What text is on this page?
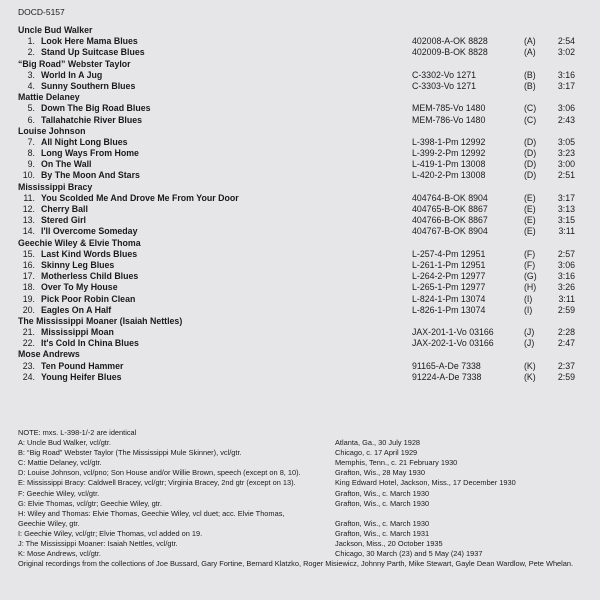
DOCD-5157
Uncle Bud Walker
1. Look Here Mama Blues	402008-A-OK 8828	(A)	2:54
2. Stand Up Suitcase Blues	402009-B-OK 8828	(A)	3:02
“Big Road” Webster Taylor
3. World In A Jug	C-3302-Vo 1271	(B)	3:16
4. Sunny Southern Blues	C-3303-Vo 1271	(B)	3:17
Mattie Delaney
5. Down The Big Road Blues	MEM-785-Vo 1480	(C)	3:06
6. Tallahatchie River Blues	MEM-786-Vo 1480	(C)	2:43
Louise Johnson
7. All Night Long Blues	L-398-1-Pm 12992	(D)	3:05
8. Long Ways From Home	L-399-2-Pm 12992	(D)	3:23
9. On The Wall	L-419-1-Pm 13008	(D)	3:00
10. By The Moon And Stars	L-420-2-Pm 13008	(D)	2:51
Mississippi Bracy
11. You Scolded Me And Drove Me From Your Door	404764-B-OK 8904	(E)	3:17
12. Cherry Ball	404765-B-OK 8867	(E)	3:13
13. Stered Girl	404766-B-OK 8867	(E)	3:15
14. I'll Overcome Someday	404767-B-OK 8904	(E)	3:11
Geechie Wiley & Elvie Thoma
15. Last Kind Words Blues	L-257-4-Pm 12951	(F)	2:57
16. Skinny Leg Blues	L-261-1-Pm 12951	(F)	3:06
17. Motherless Child Blues	L-264-2-Pm 12977	(G)	3:16
18. Over To My House	L-265-1-Pm 12977	(H)	3:26
19. Pick Poor Robin Clean	L-824-1-Pm 13074	(I)	3:11
20. Eagles On A Half	L-826-1-Pm 13074	(I)	2:59
The Mississippi Moaner (Isaiah Nettles)
21. Mississippi Moan	JAX-201-1-Vo 03166	(J)	2:28
22. It's Cold In China Blues	JAX-202-1-Vo 03166	(J)	2:47
Mose Andrews
23. Ten Pound Hammer	91165-A-De 7338	(K)	2:37
24. Young Heifer Blues	91224-A-De 7338	(K)	2:59
NOTE: mxs. L-398-1/-2 are identical
A: Uncle Bud Walker, vcl/gtr.	Atlanta, Ga., 30 July 1928
B: “Big Road” Webster Taylor (The Mississippi Mule Skinner), vcl/gtr.	Chicago, c. 17 April 1929
C: Mattie Delaney, vcl/gtr.	Memphis, Tenn., c. 21 February 1930
D: Louise Johnson, vcl/pno; Son House and/or Willie Brown, speech (except on 8, 10).	Grafton, Wis., 28 May 1930
E: Mississippi Bracy: Caldwell Bracey, vcl/gtr; Virginia Bracey, 2nd gtr (except on 13).	King Edward Hotel, Jackson, Miss., 17 December 1930
F: Geechie Wiley, vcl/gtr.	Grafton, Wis., c. March 1930
G: Elvie Thomas, vcl/gtr; Geechie Wiley, gtr.	Grafton, Wis., c. March 1930
H: Wiley and Thomas: Elvie Thomas, Geechie Wiley, vcl duet; acc. Elvie Thomas,
Geechie Wiley, gtr.	Grafton, Wis., c. March 1930
I: Geechie Wiley, vcl/gtr; Elvie Thomas, vcl added on 19.	Grafton, Wis., c. March 1931
J: The Mississippi Moaner: Isaiah Nettles, vcl/gtr.	Jackson, Miss., 20 October 1935
K: Mose Andrews, vcl/gtr.	Chicago, 30 March (23) and 5 May (24) 1937
Original recordings from the collections of Joe Bussard, Gary Fortine, Bernard Klatzko, Roger Misiewicz, Johnny Parth, Mike Stewart, Gayle Dean Wardlow, Pete Whelan.
